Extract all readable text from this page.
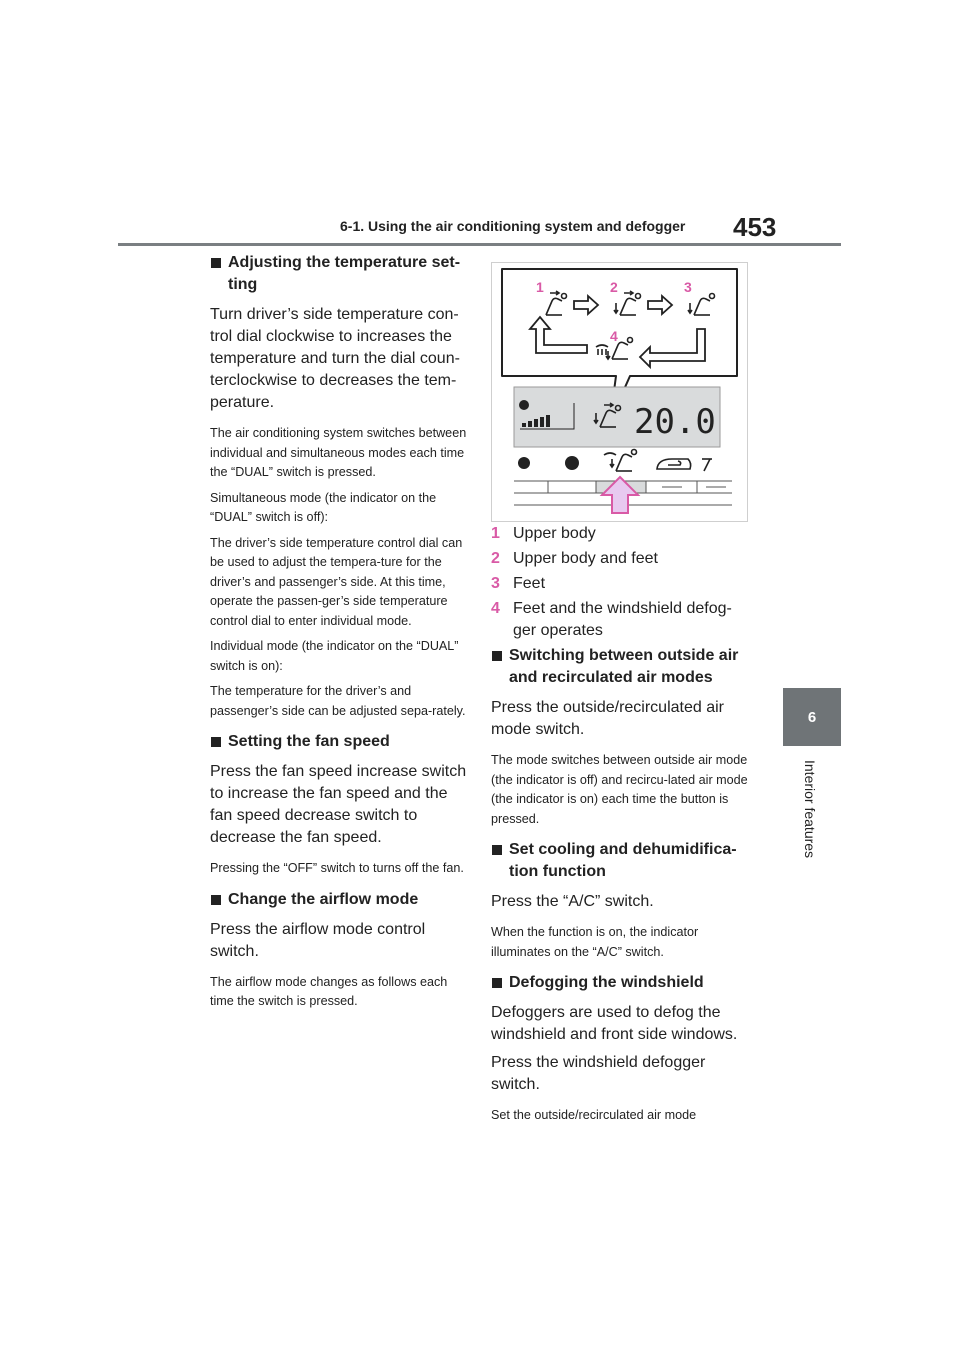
6-1. Using the air conditioning system and defogger 453
6
Interior features
Adjusting the temperature set-ting

Turn driver’s side temperature con-trol dial clockwise to increases the temperature and turn the dial coun-terclockwise to decreases the tem-perature.

The air conditioning system switches between individual and simultaneous modes each time the “DUAL” switch is pressed.

Simultaneous mode (the indicator on the “DUAL” switch is off):

The driver’s side temperature control dial can be used to adjust the tempera-ture for the driver’s and passenger’s side. At this time, operate the passen-ger’s side temperature control dial to enter individual mode.

Individual mode (the indicator on the “DUAL” switch is on):

The temperature for the driver’s and passenger’s side can be adjusted sepa-rately.

Setting the fan speed

Press the fan speed increase switch to increase the fan speed and the fan speed decrease switch to decrease the fan speed.

Pressing the “OFF” switch to turns off the fan.

Change the airflow mode

Press the airflow mode control switch.

The airflow mode changes as follows each time the switch is pressed.

1	2	3
4
20.0
1 Upper body
2 Upper body and feet
3 Feet
4 Feet and the windshield defog-ger operates
Switching between outside air and recirculated air modes

Press the outside/recirculated air mode switch.

The mode switches between outside air mode (the indicator is off) and recircu-lated air mode (the indicator is on) each time the button is pressed.

Set cooling and dehumidifica-tion function

Press the “A/C” switch.

When the function is on, the indicator illuminates on the “A/C” switch.

Defogging the windshield

Defoggers are used to defog the windshield and front side windows.

Press the windshield defogger switch.

Set the outside/recirculated air mode
